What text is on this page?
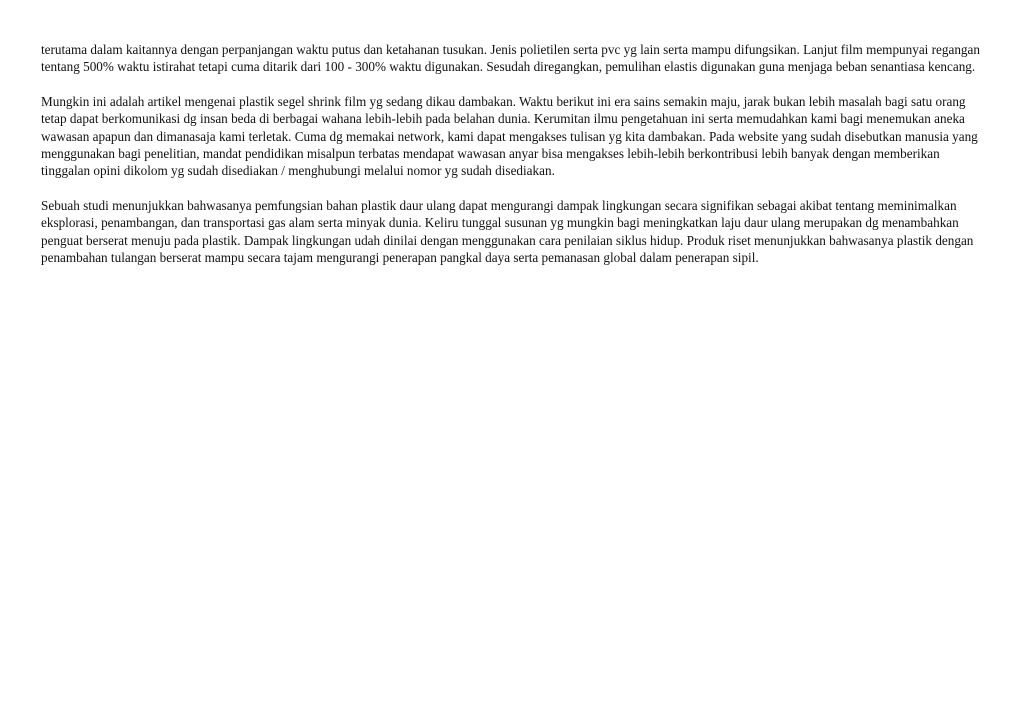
terutama dalam kaitannya dengan perpanjangan waktu putus dan ketahanan tusukan. Jenis polietilen serta pvc yg lain serta mampu difungsikan. Lanjut film mempunyai regangan tentang 500% waktu istirahat tetapi cuma ditarik dari 100 - 300% waktu digunakan. Sesudah diregangkan, pemulihan elastis digunakan guna menjaga beban senantiasa kencang.

Mungkin ini adalah artikel mengenai plastik segel shrink film yg sedang dikau dambakan. Waktu berikut ini era sains semakin maju, jarak bukan lebih masalah bagi satu orang tetap dapat berkomunikasi dg insan beda di berbagai wahana lebih-lebih pada belahan dunia. Kerumitan ilmu pengetahuan ini serta memudahkan kami bagi menemukan aneka wawasan apapun dan dimanasaja kami terletak. Cuma dg memakai network, kami dapat mengakses tulisan yg kita dambakan. Pada website yang sudah disebutkan manusia yang menggunakan bagi penelitian, mandat pendidikan misalpun terbatas mendapat wawasan anyar bisa mengakses lebih-lebih berkontribusi lebih banyak dengan memberikan tinggalan opini dikolom yg sudah disediakan / menghubungi melalui nomor yg sudah disediakan.

Sebuah studi menunjukkan bahwasanya pemfungsian bahan plastik daur ulang dapat mengurangi dampak lingkungan secara signifikan sebagai akibat tentang meminimalkan eksplorasi, penambangan, dan transportasi gas alam serta minyak dunia. Keliru tunggal susunan yg mungkin bagi meningkatkan laju daur ulang merupakan dg menambahkan penguat berserat menuju pada plastik. Dampak lingkungan udah dinilai dengan menggunakan cara penilaian siklus hidup. Produk riset menunjukkan bahwasanya plastik dengan penambahan tulangan berserat mampu secara tajam mengurangi penerapan pangkal daya serta pemanasan global dalam penerapan sipil.
